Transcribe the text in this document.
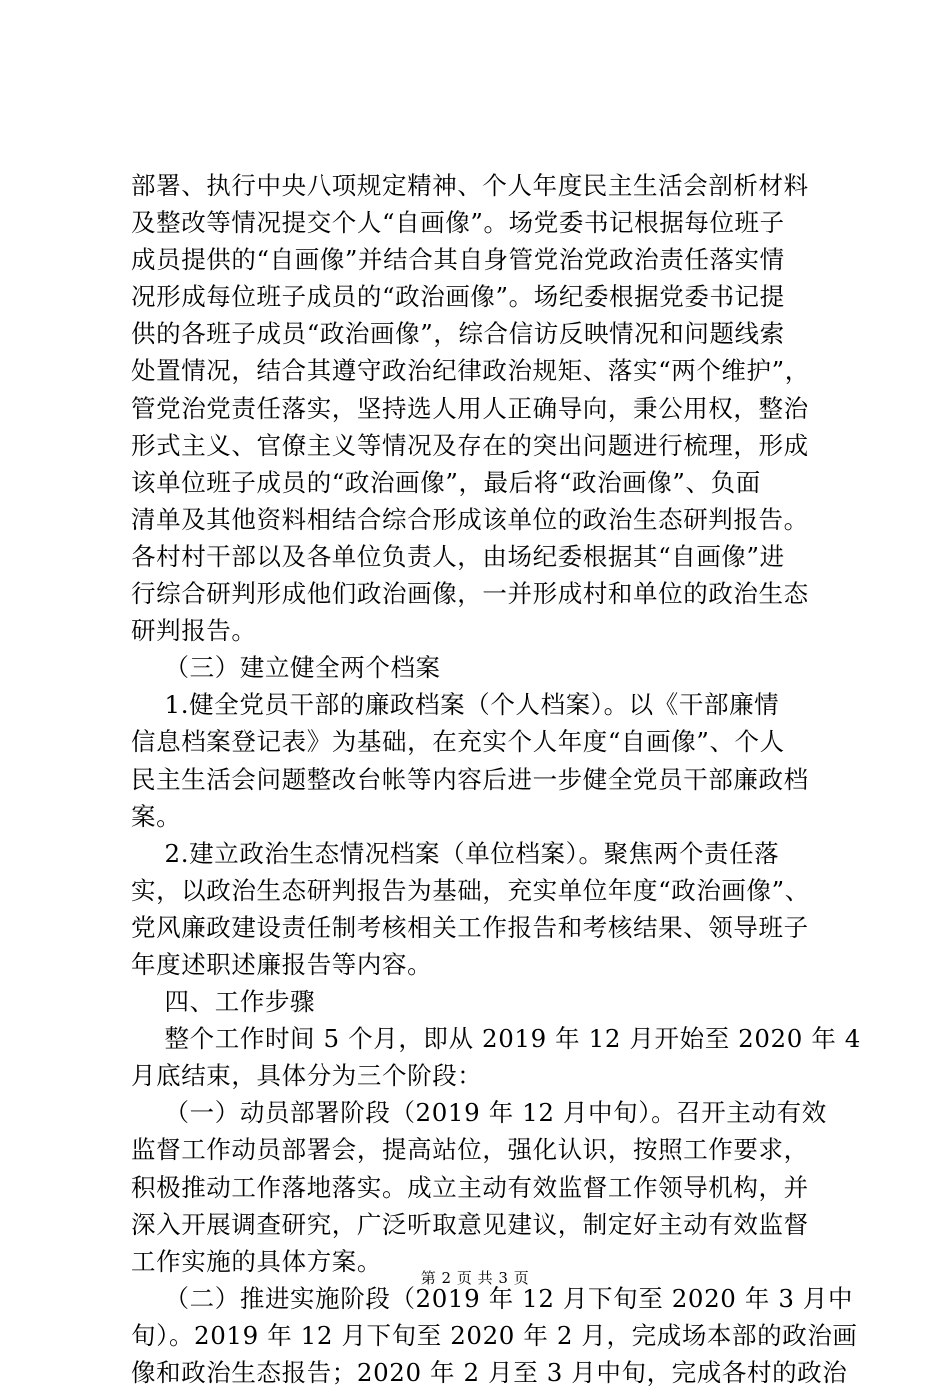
部署、执行中央八项规定精神、个人年度民主生活会剖析材料
及整改等情况提交个人“自画像”。场党委书记根据每位班子
成员提供的“自画像”并结合其自身管党治党政治责任落实情
况形成每位班子成员的“政治画像”。场纪委根据党委书记提
供的各班子成员“政治画像”，综合信访反映情况和问题线索
处置情况，结合其遵守政治纪律政治规矩、落实“两个维护”，
管党治党责任落实，坚持选人用人正确导向，秉公用权，整治
形式主义、官僚主义等情况及存在的突出问题进行梳理，形成
该单位班子成员的“政治画像”，最后将“政治画像”、负面
清单及其他资料相结合综合形成该单位的政治生态研判报告。
各村村干部以及各单位负责人，由场纪委根据其“自画像”进
行综合研判形成他们政治画像，一并形成村和单位的政治生态
研判报告。
（三）建立健全两个档案
1.健全党员干部的廉政档案（个人档案）。以《干部廉情
信息档案登记表》为基础，在充实个人年度“自画像”、个人
民主生活会问题整改台帐等内容后进一步健全党员干部廉政档
案。
2.建立政治生态情况档案（单位档案）。聚焦两个责任落
实，以政治生态研判报告为基础，充实单位年度“政治画像”、
党风廉政建设责任制考核相关工作报告和考核结果、领导班子
年度述职述廉报告等内容。
四、工作步骤
整个工作时间 5 个月，即从 2019 年 12 月开始至 2020 年 4
月底结束，具体分为三个阶段：
（一）动员部署阶段（2019 年 12 月中旬）。召开主动有效
监督工作动员部署会，提高站位，强化认识，按照工作要求，
积极推动工作落地落实。成立主动有效监督工作领导机构，并
深入开展调查研究，广泛听取意见建议，制定好主动有效监督
工作实施的具体方案。
（二）推进实施阶段（2019 年 12 月下旬至 2020 年 3 月中
旬）。2019 年 12 月下旬至 2020 年 2 月，完成场本部的政治画
像和政治生态报告；2020 年 2 月至 3 月中旬，完成各村的政治
第 2 页 共 3 页
